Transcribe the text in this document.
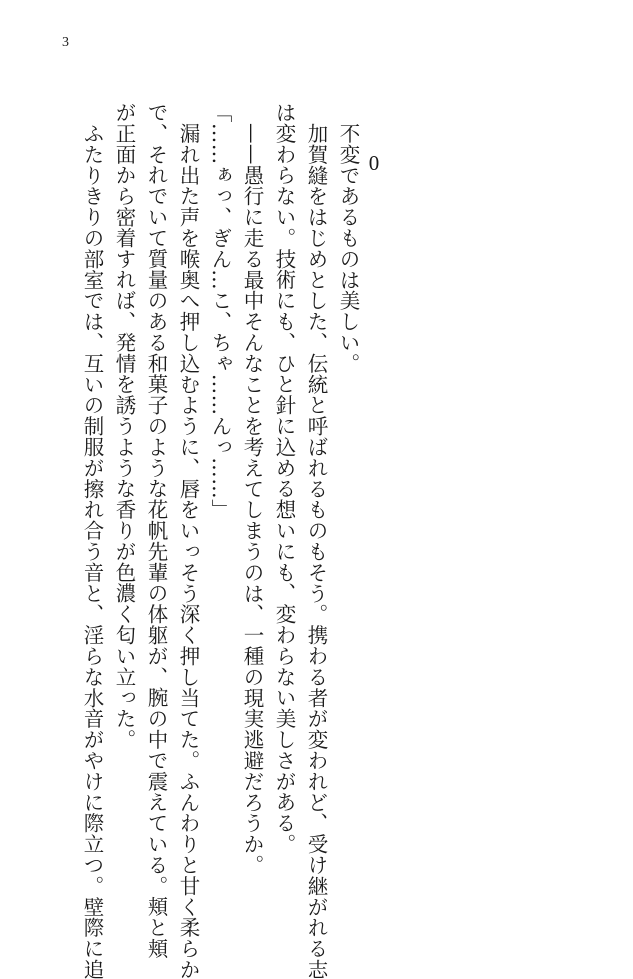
3
0

不変であるものは美しい。

加賀縫をはじめとした、伝統と呼ばれるものもそう。携わる者が変われど、受け継がれる志

は変わらない。技術にも、ひと針に込める想いにも、変わらない美しさがある。

——愚行に走る最中そんなことを考えてしまうのは、一種の現実逃避だろうか。

「……ぁっ、ぎん…こ、ちゃ……んっ……」

漏れ出た声を喉奥へ押し込むように、唇をいっそう深く押し当てた。ふんわりと甘く柔らか

で、それでいて質量のある和菓子のような花帆先輩の体躯が、腕の中で震えている。頬と頬

が正面から密着すれば、発情を誘うような香りが色濃く匂い立った。

ふたりきりの部室では、互いの制服が擦れ合う音と、淫らな水音がやけに際立つ。壁際に追
